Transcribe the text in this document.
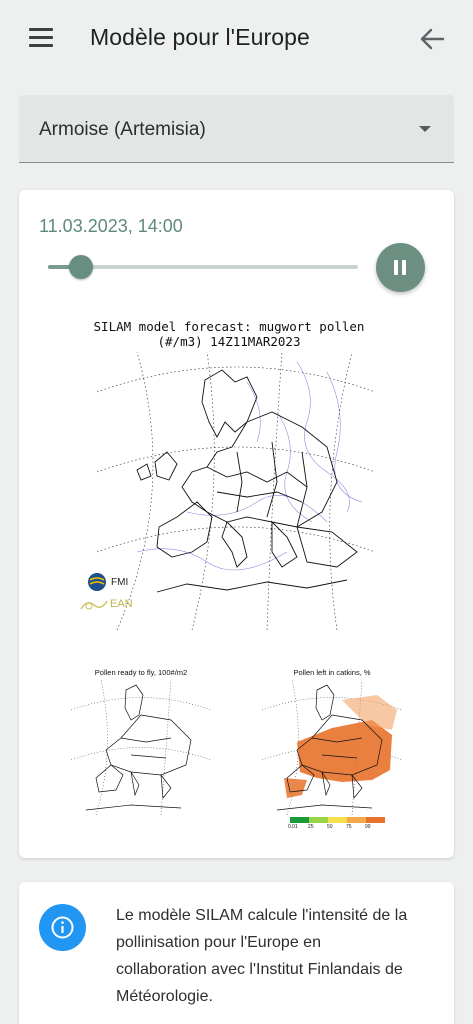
Modèle pour l'Europe
Armoise (Artemisia)
11.03.2023, 14:00
SILAM model forecast: mugwort pollen
(#/m3) 14Z11MAR2023
FMI
EAN
Pollen ready to fly, 100#/m2	Pollen left in catkins, %
0.01 25	50	75	99
Le modèle SILAM calcule l'intensité de la pollinisation pour l'Europe en collaboration avec l'Institut Finlandais de Météorologie.
